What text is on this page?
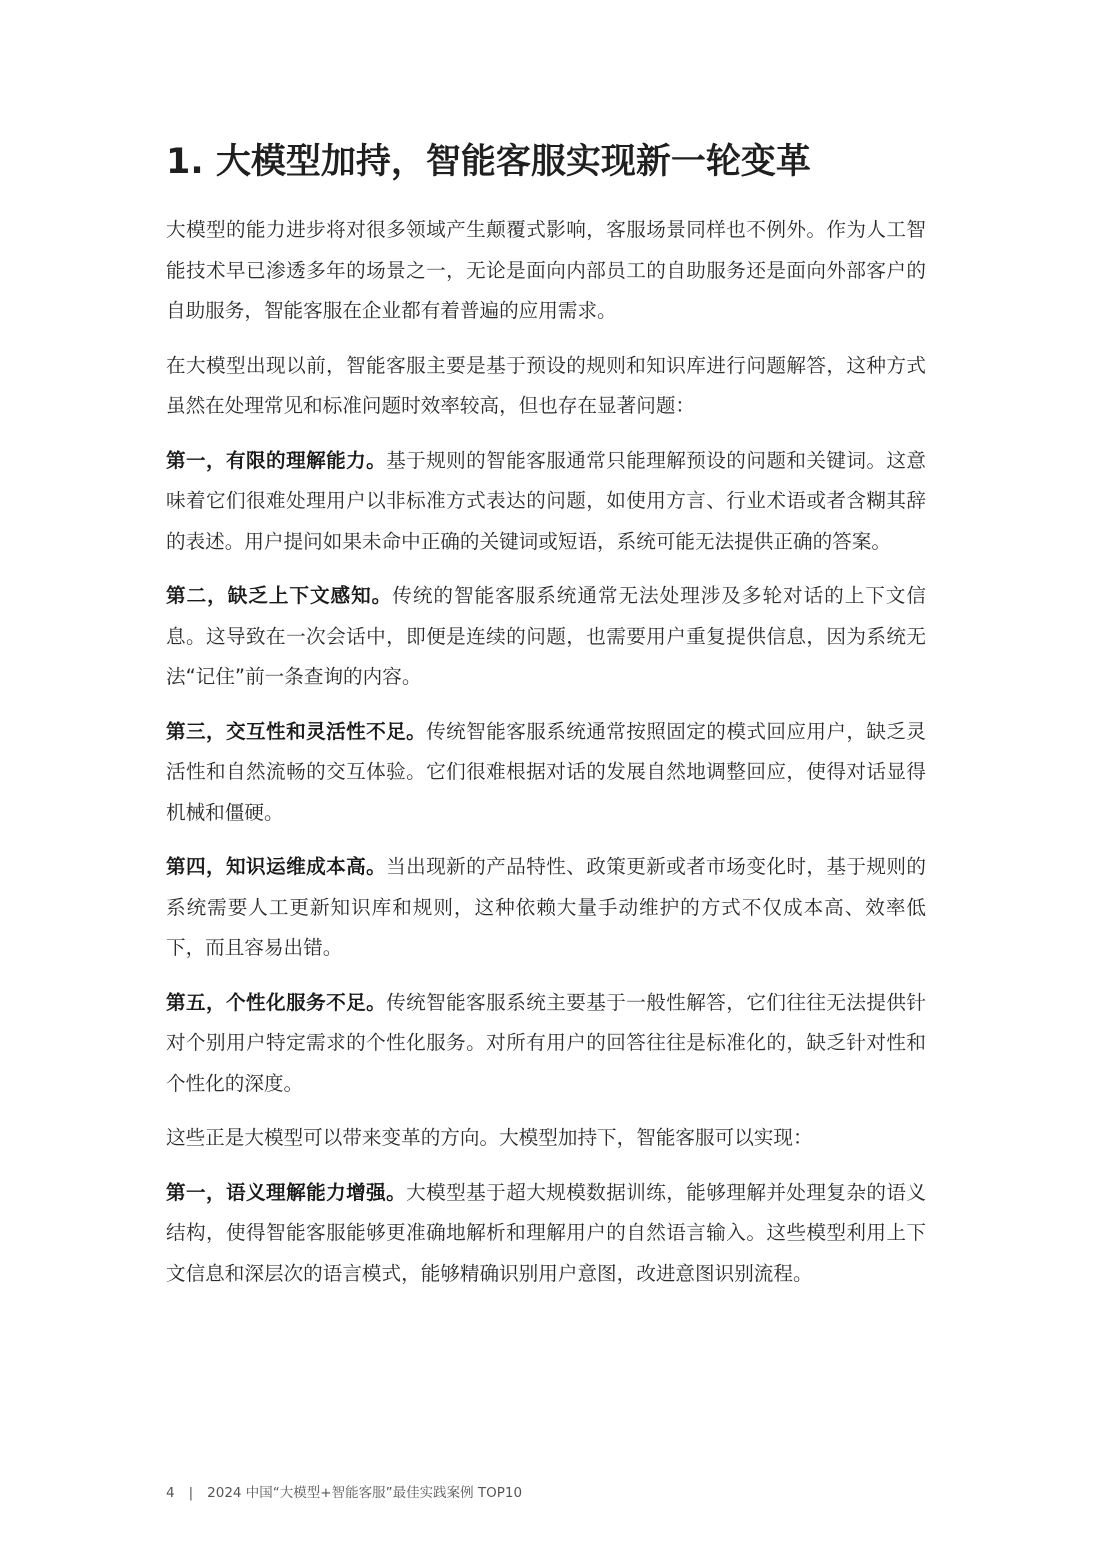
1. 大模型加持，智能客服实现新一轮变革

大模型的能力进步将对很多领域产生颠覆式影响，客服场景同样也不例外。作为人工智能技术早已渗透多年的场景之一，无论是面向内部员工的自助服务还是面向外部客户的自助服务，智能客服在企业都有着普遍的应用需求。

在大模型出现以前，智能客服主要是基于预设的规则和知识库进行问题解答，这种方式虽然在处理常见和标准问题时效率较高，但也存在显著问题：

第一，有限的理解能力。基于规则的智能客服通常只能理解预设的问题和关键词。这意味着它们很难处理用户以非标准方式表达的问题，如使用方言、行业术语或者含糊其辞的表述。用户提问如果未命中正确的关键词或短语，系统可能无法提供正确的答案。

第二，缺乏上下文感知。传统的智能客服系统通常无法处理涉及多轮对话的上下文信息。这导致在一次会话中，即便是连续的问题，也需要用户重复提供信息，因为系统无法“记住”前一条查询的内容。

第三，交互性和灵活性不足。传统智能客服系统通常按照固定的模式回应用户，缺乏灵活性和自然流畅的交互体验。它们很难根据对话的发展自然地调整回应，使得对话显得机械和僵硬。

第四，知识运维成本高。当出现新的产品特性、政策更新或者市场变化时，基于规则的系统需要人工更新知识库和规则，这种依赖大量手动维护的方式不仅成本高、效率低下，而且容易出错。

第五，个性化服务不足。传统智能客服系统主要基于一般性解答，它们往往无法提供针对个别用户特定需求的个性化服务。对所有用户的回答往往是标准化的，缺乏针对性和个性化的深度。

这些正是大模型可以带来变革的方向。大模型加持下，智能客服可以实现：

第一，语义理解能力增强。大模型基于超大规模数据训练，能够理解并处理复杂的语义结构，使得智能客服能够更准确地解析和理解用户的自然语言输入。这些模型利用上下文信息和深层次的语言模式，能够精确识别用户意图，改进意图识别流程。

4 | 2024 中国“大模型+智能客服”最佳实践案例 TOP10
